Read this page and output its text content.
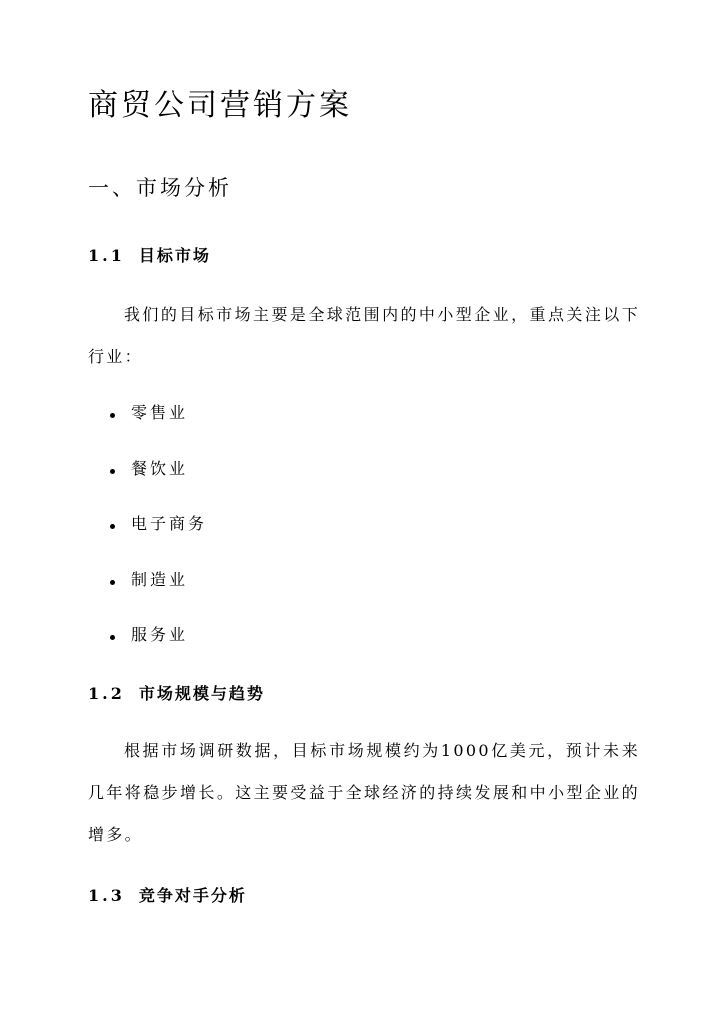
商贸公司营销方案
一、市场分析
1.1 目标市场

我们的目标市场主要是全球范围内的中小型企业，重点关注以下行业：

零售业
餐饮业
电子商务
制造业
服务业
1.2 市场规模与趋势

根据市场调研数据，目标市场规模约为1000亿美元，预计未来几年将稳步增长。这主要受益于全球经济的持续发展和中小型企业的增多。

1.3 竞争对手分析
